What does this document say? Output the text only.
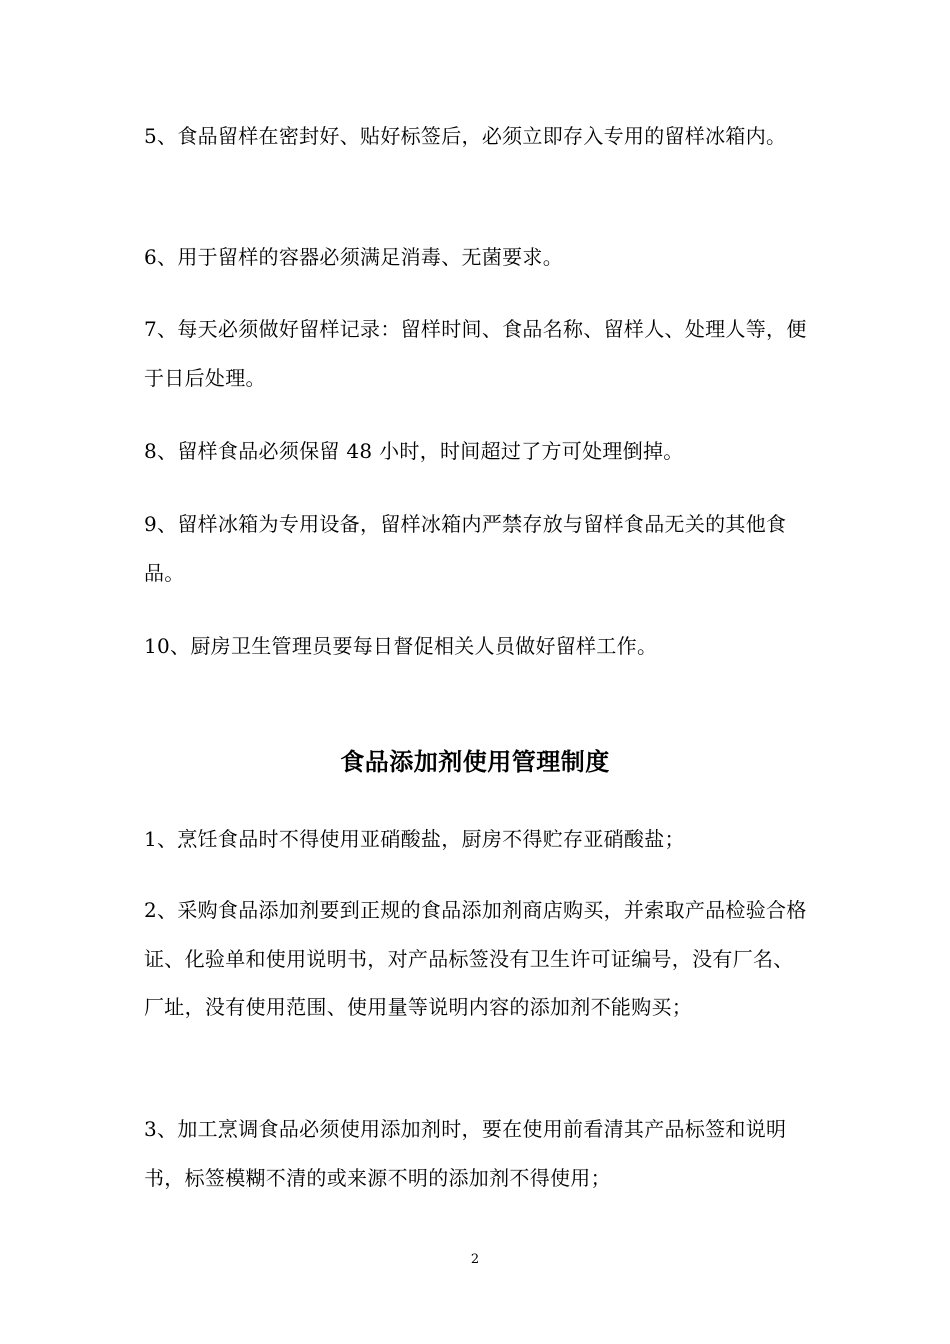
5、食品留样在密封好、贴好标签后，必须立即存入专用的留样冰箱内。

6、用于留样的容器必须满足消毒、无菌要求。

7、每天必须做好留样记录：留样时间、食品名称、留样人、处理人等，便于日后处理。

8、留样食品必须保留 48 小时，时间超过了方可处理倒掉。

9、留样冰箱为专用设备，留样冰箱内严禁存放与留样食品无关的其他食品。

10、厨房卫生管理员要每日督促相关人员做好留样工作。

食品添加剂使用管理制度

1、烹饪食品时不得使用亚硝酸盐，厨房不得贮存亚硝酸盐；

2、采购食品添加剂要到正规的食品添加剂商店购买，并索取产品检验合格证、化验单和使用说明书，对产品标签没有卫生许可证编号，没有厂名、厂址，没有使用范围、使用量等说明内容的添加剂不能购买；

3、加工烹调食品必须使用添加剂时，要在使用前看清其产品标签和说明书，标签模糊不清的或来源不明的添加剂不得使用；

2
